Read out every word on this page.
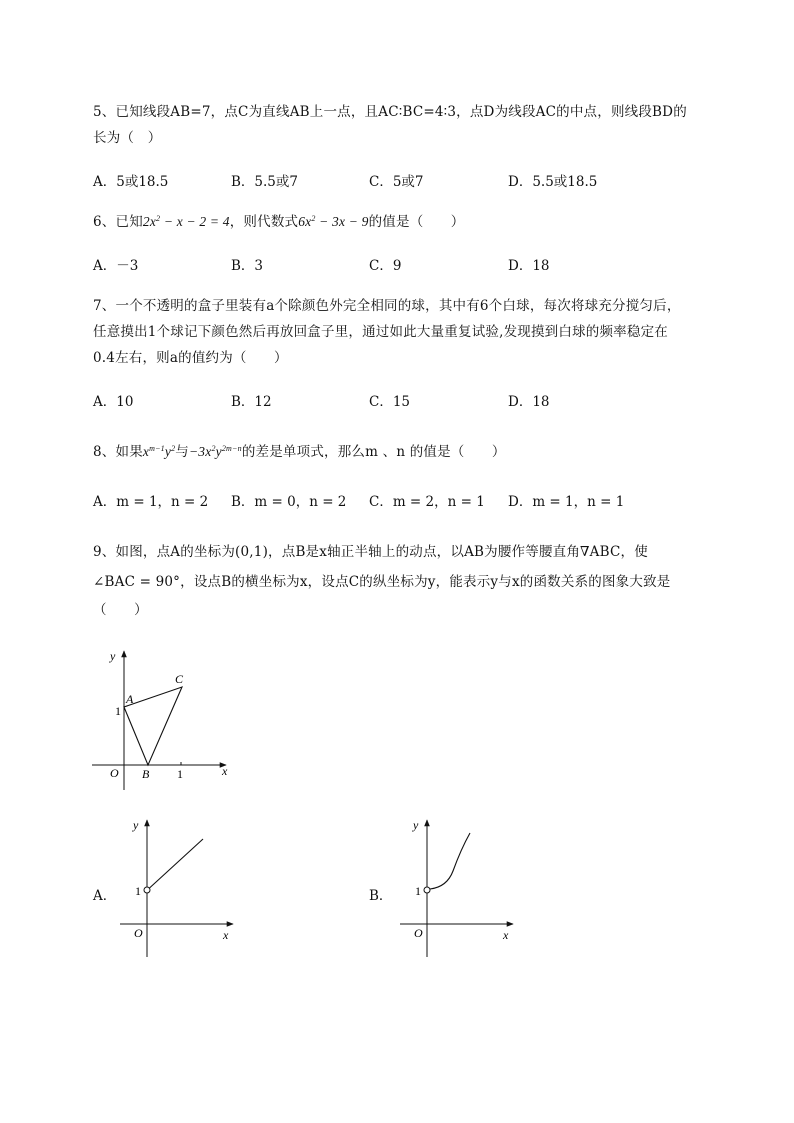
5、已知线段AB=7，点C为直线AB上一点，且AC∶BC=4∶3，点D为线段AC的中点，则线段BD的
长为（　）
A．5或18.5	B．5.5或7	C．5或7	D．5.5或18.5
6、已知$2x^2 - x - 2 = 4$，则代数式$6x^2 - 3x - 9$的值是（　　）
A．－3	B．3	C．9	D．18
7、一个不透明的盒子里装有a个除颜色外完全相同的球，其中有6个白球，每次将球充分搅匀后，
任意摸出1个球记下颜色然后再放回盒子里，通过如此大量重复试验,发现摸到白球的频率稳定在
0.4左右，则a的值约为（　　）
A．10	B．12	C．15	D．18
8、如果$x^{m-1}y^2$与$-3x^2y^{2m-n}$的差是单项式，那么m 、n 的值是（　　）
A．m = 1，n = 2 B．m = 0，n = 2 C．m = 2，n = 1 D．m = 1，n = 1
9、如图，点A的坐标为(0,1)，点B是x轴正半轴上的动点，以AB为腰作等腰直角∇ABC，使
∠BAC = 90°，设点B的横坐标为x，设点C的纵坐标为y，能表示y与x的函数关系的图象大致是
（　　）
y
x
O
A
B
C
1
1
A．
y
x
O
1	B．
y
x
O
1
